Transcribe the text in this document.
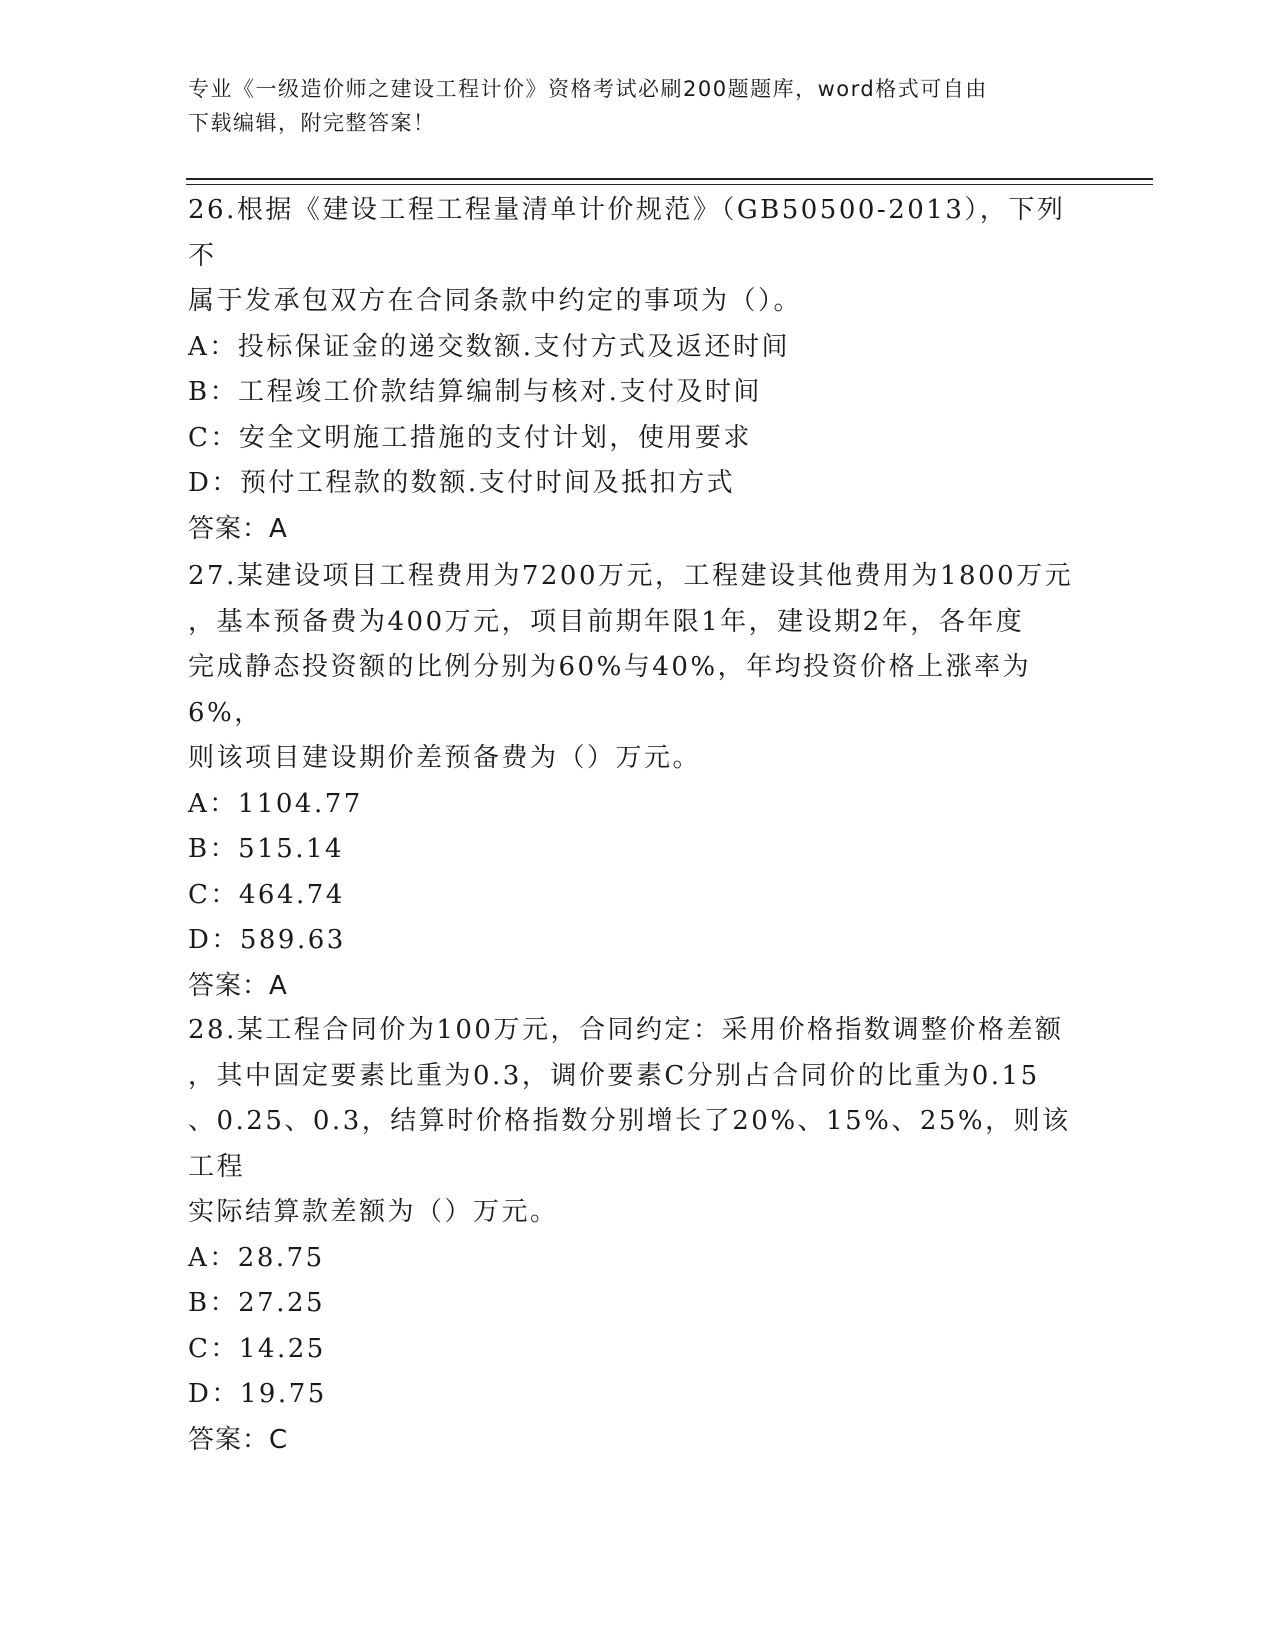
专业《一级造价师之建设工程计价》资格考试必刷200题题库，word格式可自由
下载编辑，附完整答案！

26.根据《建设工程工程量清单计价规范》（GB50500-2013），下列不

属于发承包双方在合同条款中约定的事项为（）。

A：投标保证金的递交数额.支付方式及返还时间

B：工程竣工价款结算编制与核对.支付及时间

C：安全文明施工措施的支付计划，使用要求

D：预付工程款的数额.支付时间及抵扣方式

答案：A

27.某建设项目工程费用为7200万元，工程建设其他费用为1800万元

，基本预备费为400万元，项目前期年限1年，建设期2年，各年度

完成静态投资额的比例分别为60%与40%，年均投资价格上涨率为6%，

则该项目建设期价差预备费为（）万元。

A：1104.77

B：515.14

C：464.74

D：589.63

答案：A

28.某工程合同价为100万元，合同约定：采用价格指数调整价格差额

，其中固定要素比重为0.3，调价要素C分别占合同价的比重为0.15

、0.25、0.3，结算时价格指数分别增长了20%、15%、25%，则该工程

实际结算款差额为（）万元。

A：28.75

B：27.25

C：14.25

D：19.75

答案：C
